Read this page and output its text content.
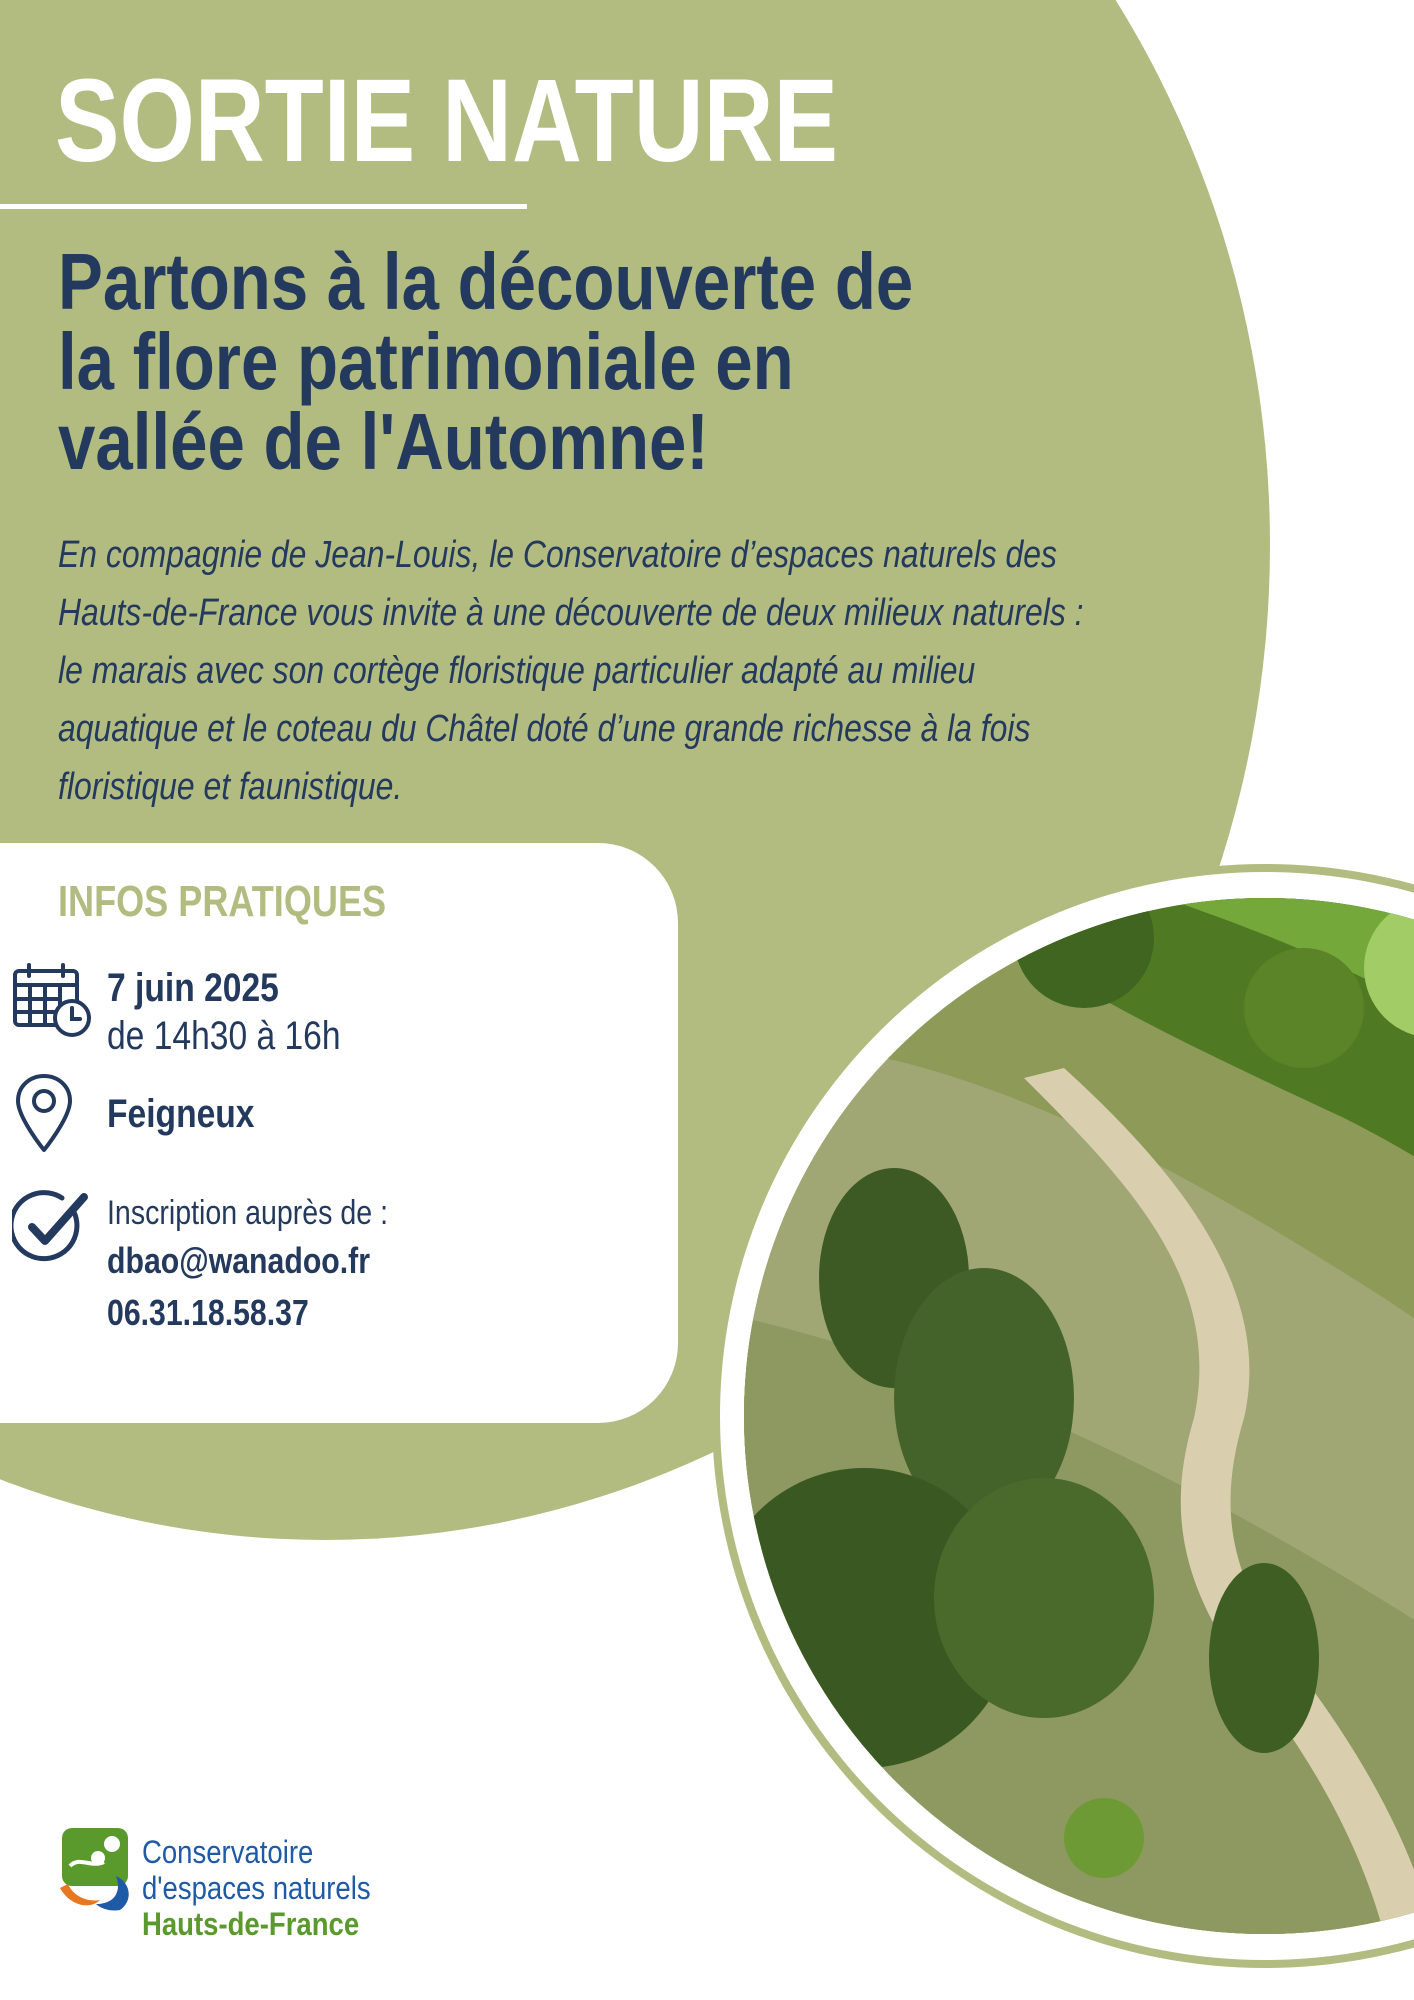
SORTIE NATURE
Partons à la découverte de
la flore patrimoniale en
vallée de l'Automne!

En compagnie de Jean-Louis, le Conservatoire d’espaces naturels des
Hauts-de-France vous invite à une découverte de deux milieux naturels :
le marais avec son cortège floristique particulier adapté au milieu
aquatique et le coteau du Châtel doté d’une grande richesse à la fois
floristique et faunistique.

INFOS PRATIQUES
7 juin 2025
de 14h30 à 16h
Feigneux
Inscription auprès de :
dbao@wanadoo.fr
06.31.18.58.37
Conservatoire
d'espaces naturels
Hauts-de-France
